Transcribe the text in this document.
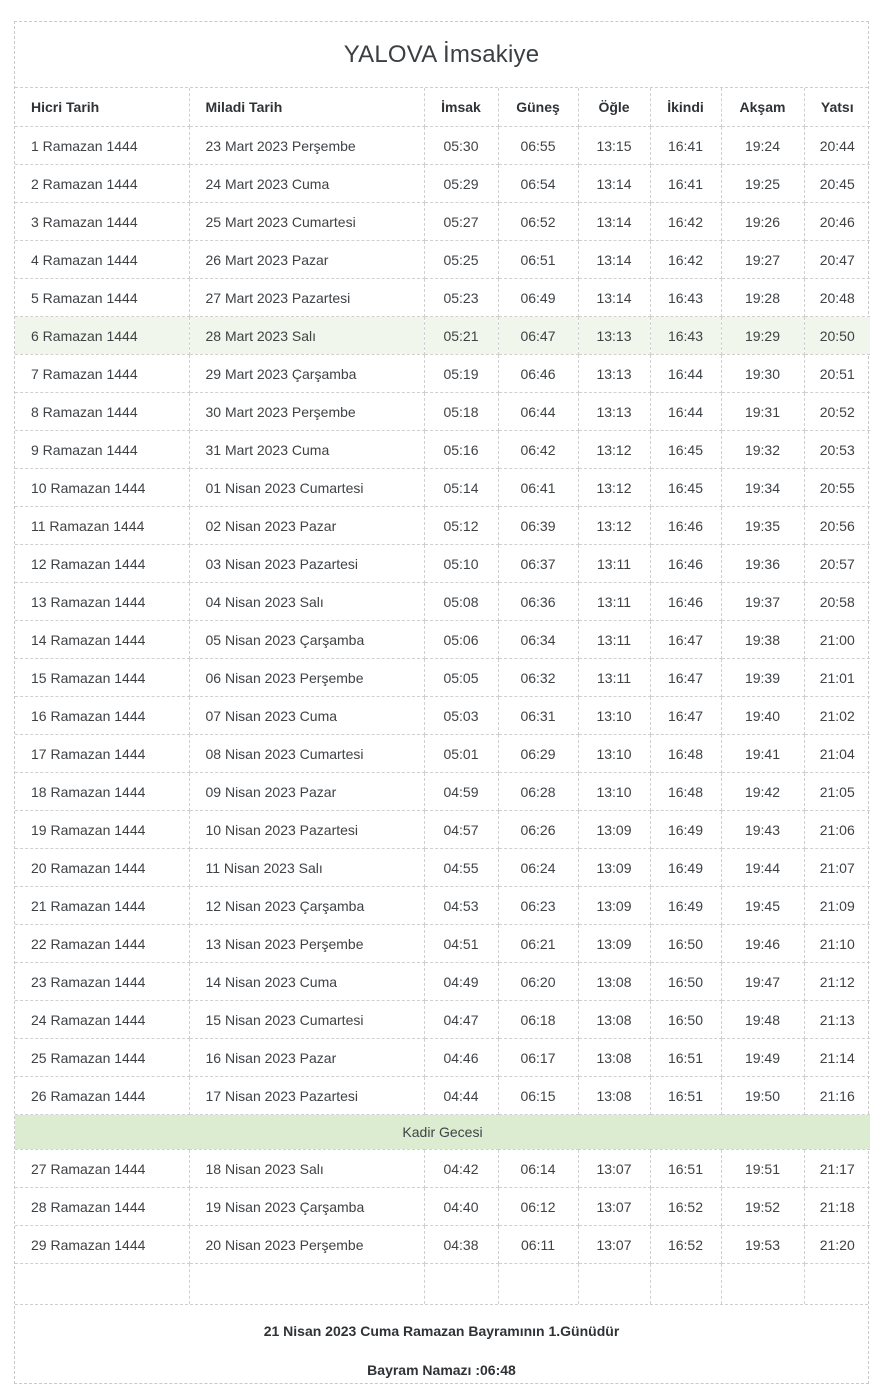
YALOVA İmsakiye
Hicri Tarih	Miladi Tarih	İmsak	Güneş	Öğle	İkindi	Akşam	Yatsı
1 Ramazan 1444	23 Mart 2023 Perşembe	05:30	06:55	13:15	16:41	19:24	20:44
2 Ramazan 1444	24 Mart 2023 Cuma	05:29	06:54	13:14	16:41	19:25	20:45
3 Ramazan 1444	25 Mart 2023 Cumartesi	05:27	06:52	13:14	16:42	19:26	20:46
4 Ramazan 1444	26 Mart 2023 Pazar	05:25	06:51	13:14	16:42	19:27	20:47
5 Ramazan 1444	27 Mart 2023 Pazartesi	05:23	06:49	13:14	16:43	19:28	20:48
6 Ramazan 1444	28 Mart 2023 Salı	05:21	06:47	13:13	16:43	19:29	20:50
7 Ramazan 1444	29 Mart 2023 Çarşamba	05:19	06:46	13:13	16:44	19:30	20:51
8 Ramazan 1444	30 Mart 2023 Perşembe	05:18	06:44	13:13	16:44	19:31	20:52
9 Ramazan 1444	31 Mart 2023 Cuma	05:16	06:42	13:12	16:45	19:32	20:53
10 Ramazan 1444	01 Nisan 2023 Cumartesi	05:14	06:41	13:12	16:45	19:34	20:55
11 Ramazan 1444	02 Nisan 2023 Pazar	05:12	06:39	13:12	16:46	19:35	20:56
12 Ramazan 1444	03 Nisan 2023 Pazartesi	05:10	06:37	13:11	16:46	19:36	20:57
13 Ramazan 1444	04 Nisan 2023 Salı	05:08	06:36	13:11	16:46	19:37	20:58
14 Ramazan 1444	05 Nisan 2023 Çarşamba	05:06	06:34	13:11	16:47	19:38	21:00
15 Ramazan 1444	06 Nisan 2023 Perşembe	05:05	06:32	13:11	16:47	19:39	21:01
16 Ramazan 1444	07 Nisan 2023 Cuma	05:03	06:31	13:10	16:47	19:40	21:02
17 Ramazan 1444	08 Nisan 2023 Cumartesi	05:01	06:29	13:10	16:48	19:41	21:04
18 Ramazan 1444	09 Nisan 2023 Pazar	04:59	06:28	13:10	16:48	19:42	21:05
19 Ramazan 1444	10 Nisan 2023 Pazartesi	04:57	06:26	13:09	16:49	19:43	21:06
20 Ramazan 1444	11 Nisan 2023 Salı	04:55	06:24	13:09	16:49	19:44	21:07
21 Ramazan 1444	12 Nisan 2023 Çarşamba	04:53	06:23	13:09	16:49	19:45	21:09
22 Ramazan 1444	13 Nisan 2023 Perşembe	04:51	06:21	13:09	16:50	19:46	21:10
23 Ramazan 1444	14 Nisan 2023 Cuma	04:49	06:20	13:08	16:50	19:47	21:12
24 Ramazan 1444	15 Nisan 2023 Cumartesi	04:47	06:18	13:08	16:50	19:48	21:13
25 Ramazan 1444	16 Nisan 2023 Pazar	04:46	06:17	13:08	16:51	19:49	21:14
26 Ramazan 1444	17 Nisan 2023 Pazartesi	04:44	06:15	13:08	16:51	19:50	21:16
Kadir Gecesi							
27 Ramazan 1444	18 Nisan 2023 Salı	04:42	06:14	13:07	16:51	19:51	21:17
28 Ramazan 1444	19 Nisan 2023 Çarşamba	04:40	06:12	13:07	16:52	19:52	21:18
29 Ramazan 1444	20 Nisan 2023 Perşembe	04:38	06:11	13:07	16:52	19:53	21:20

21 Nisan 2023 Cuma Ramazan Bayramının 1.Günüdür
Bayram Namazı :06:48
